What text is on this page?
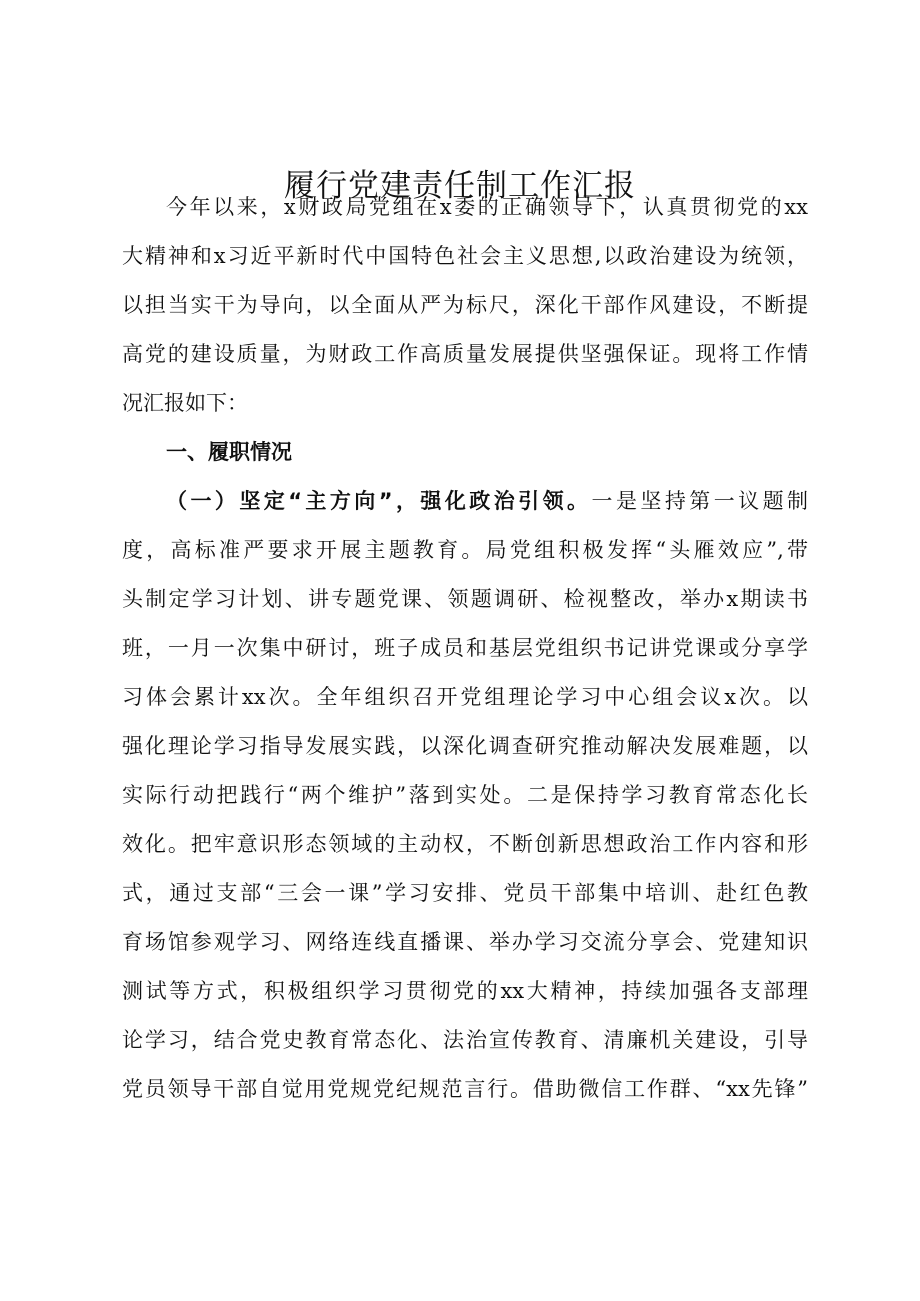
履行党建责任制工作汇报

今年以来，x财政局党组在x委的正确领导下，认真贯彻党的xx

大精神和x习近平新时代中国特色社会主义思想,以政治建设为统领，

以担当实干为导向，以全面从严为标尺，深化干部作风建设，不断提

高党的建设质量，为财政工作高质量发展提供坚强保证。现将工作情

况汇报如下：

一、履职情况

（一）坚定“主方向”，强化政治引领。一是坚持第一议题制

度，高标准严要求开展主题教育。局党组积极发挥“头雁效应”,带

头制定学习计划、讲专题党课、领题调研、检视整改，举办x期读书

班，一月一次集中研讨，班子成员和基层党组织书记讲党课或分享学

习体会累计xx次。全年组织召开党组理论学习中心组会议x次。以

强化理论学习指导发展实践，以深化调查研究推动解决发展难题，以

实际行动把践行“两个维护”落到实处。二是保持学习教育常态化长

效化。把牢意识形态领域的主动权，不断创新思想政治工作内容和形

式，通过支部“三会一课”学习安排、党员干部集中培训、赴红色教

育场馆参观学习、网络连线直播课、举办学习交流分享会、党建知识

测试等方式，积极组织学习贯彻党的xx大精神，持续加强各支部理

论学习，结合党史教育常态化、法治宣传教育、清廉机关建设，引导

党员领导干部自觉用党规党纪规范言行。借助微信工作群、“xx先锋”
